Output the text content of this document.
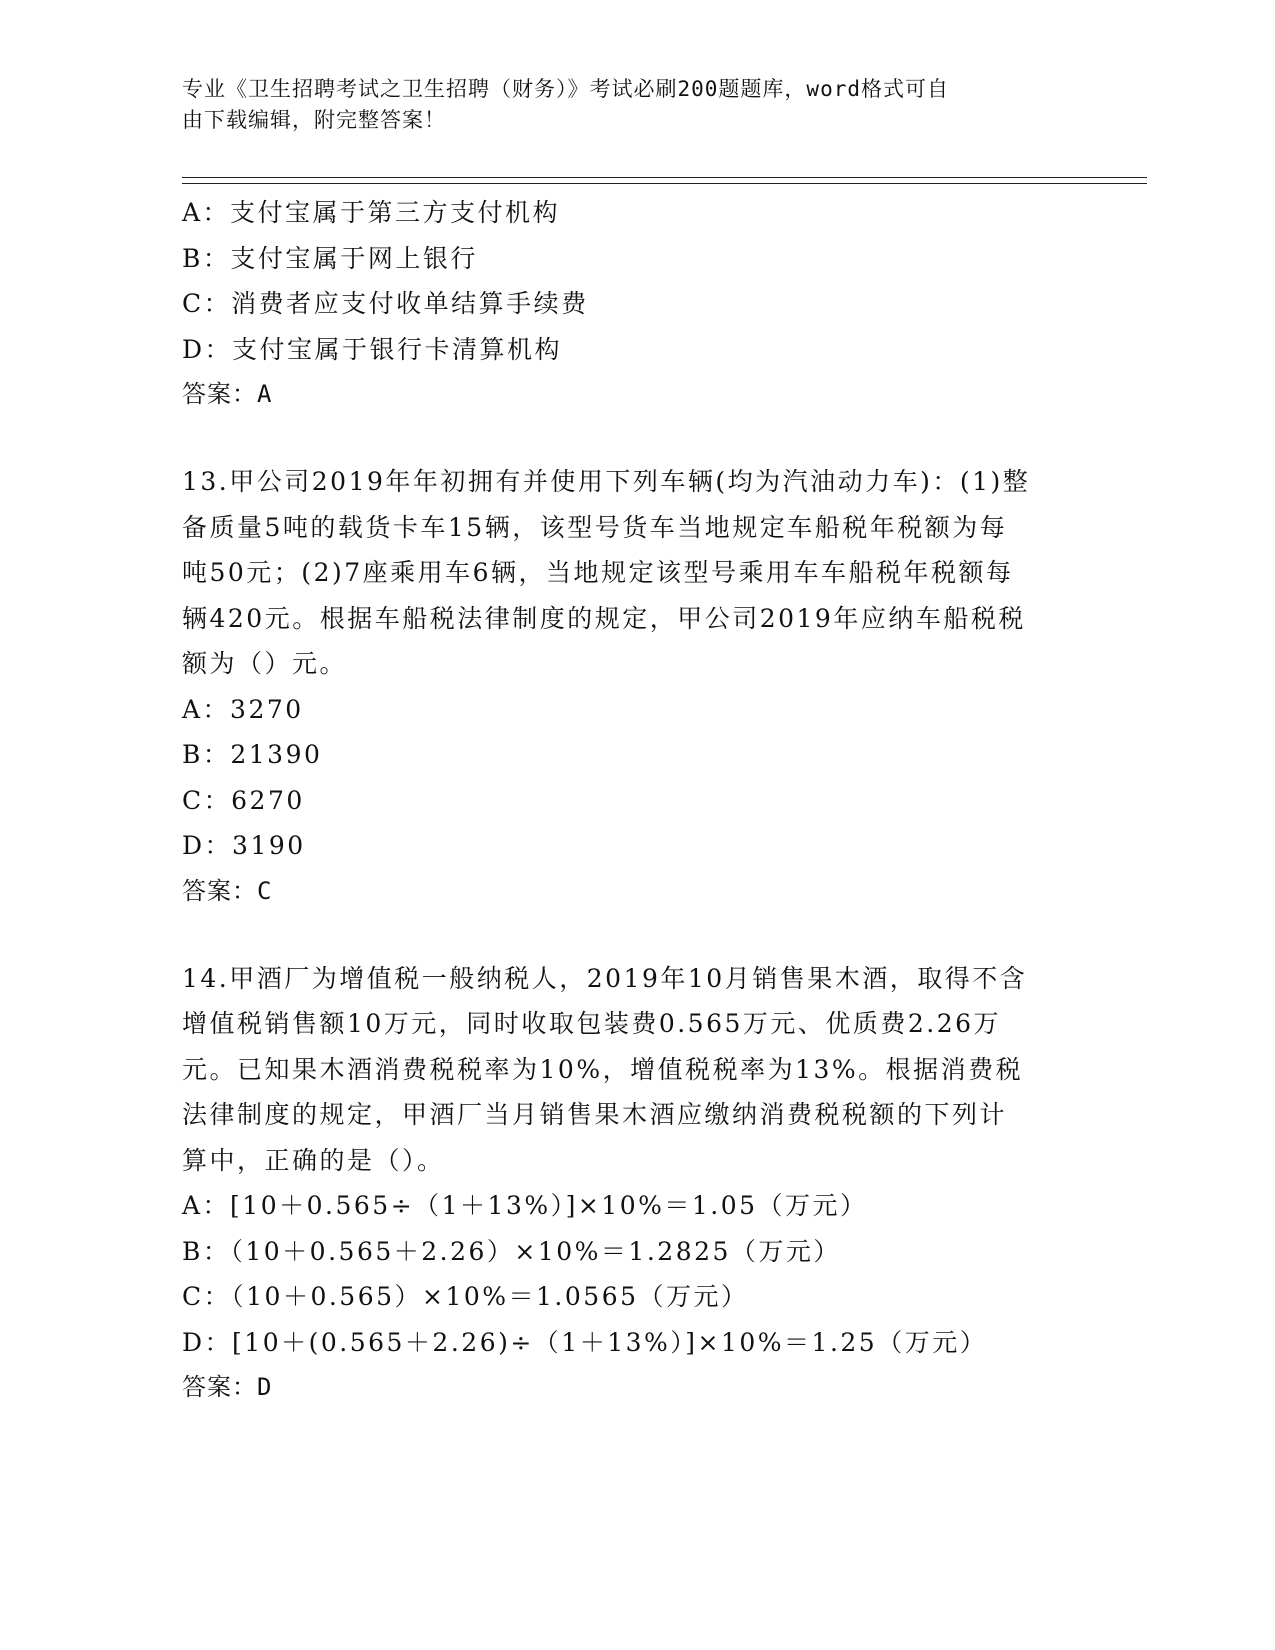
专业《卫生招聘考试之卫生招聘（财务）》考试必刷200题题库，word格式可自
由下载编辑，附完整答案！
A：支付宝属于第三方支付机构
B：支付宝属于网上银行
C：消费者应支付收单结算手续费
D：支付宝属于银行卡清算机构
答案：A
13.甲公司2019年年初拥有并使用下列车辆(均为汽油动力车)：(1)整
备质量5吨的载货卡车15辆，该型号货车当地规定车船税年税额为每
吨50元；(2)7座乘用车6辆，当地规定该型号乘用车车船税年税额每
辆420元。根据车船税法律制度的规定，甲公司2019年应纳车船税税
额为（）元。
A：3270
B：21390
C：6270
D：3190
答案：C
14.甲酒厂为增值税一般纳税人，2019年10月销售果木酒，取得不含
增值税销售额10万元，同时收取包装费0.565万元、优质费2.26万
元。已知果木酒消费税税率为10%，增值税税率为13%。根据消费税
法律制度的规定，甲酒厂当月销售果木酒应缴纳消费税税额的下列计
算中，正确的是（）。
A：[10＋0.565÷（1＋13%）]×10%＝1.05（万元）
B：（10＋0.565＋2.26）×10%＝1.2825（万元）
C：（10＋0.565）×10%＝1.0565（万元）
D：[10＋(0.565＋2.26)÷（1＋13%）]×10%＝1.25（万元）
答案：D
